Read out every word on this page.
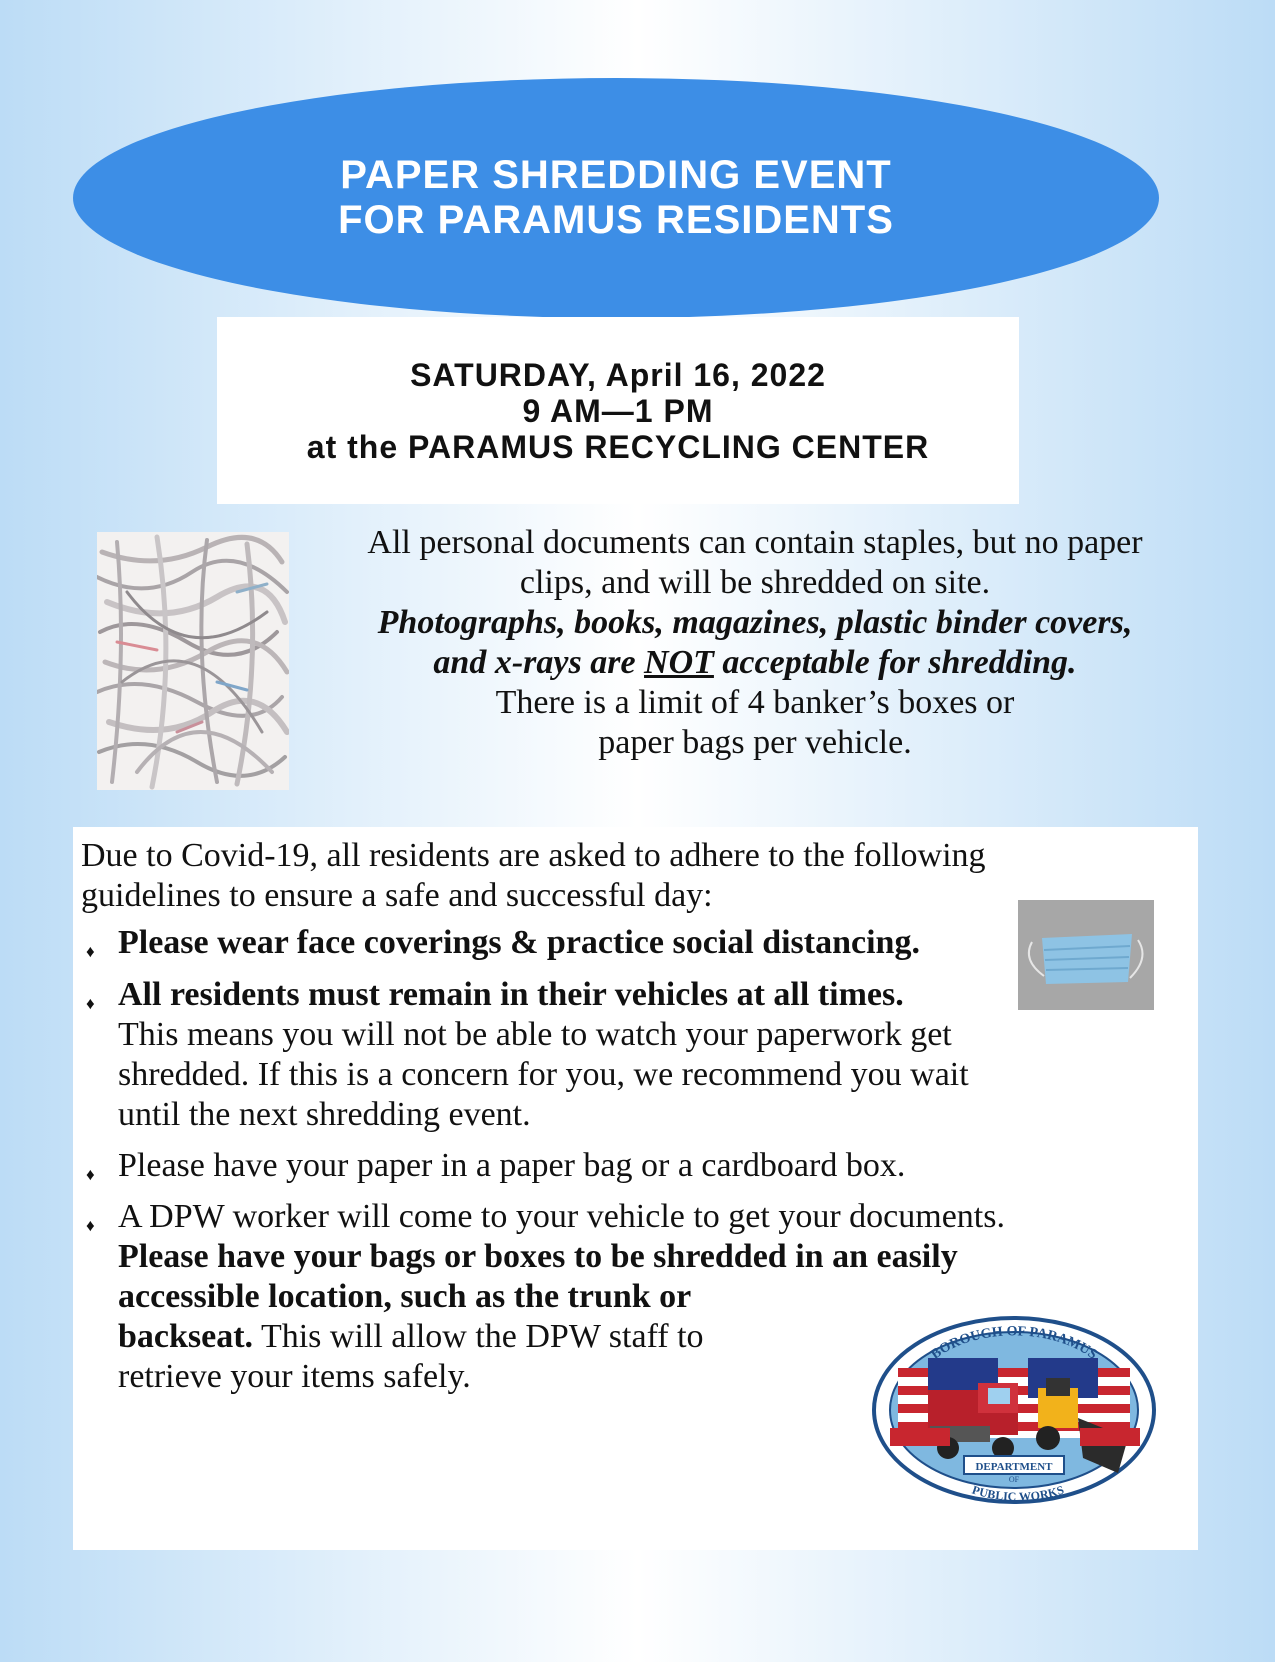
PAPER SHREDDING EVENT
FOR PARAMUS RESIDENTS
SATURDAY, April 16, 2022
9 AM—1 PM
at the PARAMUS RECYCLING CENTER
All personal documents can contain staples, but no paper
clips, and will be shredded on site.
Photographs, books, magazines, plastic binder covers,
and x-rays are NOT acceptable for shredding.
There is a limit of 4 banker’s boxes or
paper bags per vehicle.
Due to Covid-19, all residents are asked to adhere to the following
guidelines to ensure a safe and successful day:
♦ Please wear face coverings & practice social distancing.
♦ All residents must remain in their vehicles at all times.
This means you will not be able to watch your paperwork get
shredded. If this is a concern for you, we recommend you wait
until the next shredding event.
♦ Please have your paper in a paper bag or a cardboard box.
♦ A DPW worker will come to your vehicle to get your documents.
Please have your bags or boxes to be shredded in an easily
accessible location, such as the trunk or
backseat. This will allow the DPW staff to
retrieve your items safely.
BOROUGH OF PARAMUS
DEPARTMENT
OF
PUBLIC WORKS
